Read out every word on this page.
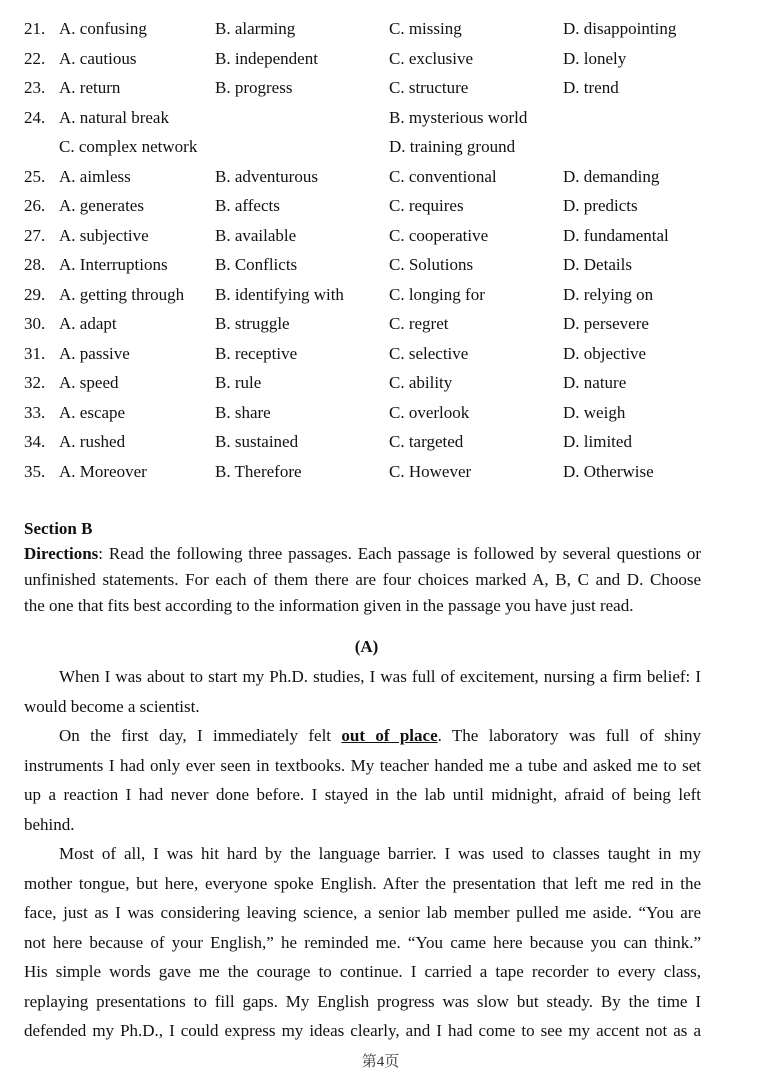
21. A. confusing	B. alarming	C. missing	D. disappointing
22. A. cautious	B. independent	C. exclusive	D. lonely
23. A. return	B. progress	C. structure	D. trend
24. A. natural break	B. mysterious world
C. complex network	D. training ground
25. A. aimless	B. adventurous	C. conventional	D. demanding
26. A. generates	B. affects	C. requires	D. predicts
27. A. subjective	B. available	C. cooperative	D. fundamental
28. A. Interruptions	B. Conflicts	C. Solutions	D. Details
29. A. getting through B. identifying with	C. longing for	D. relying on
30. A. adapt	B. struggle	C. regret	D. persevere
31. A. passive	B. receptive	C. selective	D. objective
32. A. speed	B. rule	C. ability	D. nature
33. A. escape	B. share	C. overlook	D. weigh
34. A. rushed	B. sustained	C. targeted	D. limited
35. A. Moreover	B. Therefore	C. However	D. Otherwise
Section B
Directions: Read the following three passages. Each passage is followed by several questions or
unfinished statements. For each of them there are four choices marked A, B, C and D. Choose
the one that fits best according to the information given in the passage you have just read.
(A)
When I was about to start my Ph.D. studies, I was full of excitement, nursing a firm belief: I
would become a scientist.
On the first day, I immediately felt out of place. The laboratory was full of shiny
instruments I had only ever seen in textbooks. My teacher handed me a tube and asked me to set
up a reaction I had never done before. I stayed in the lab until midnight, afraid of being left
behind.
Most of all, I was hit hard by the language barrier. I was used to classes taught in my
mother tongue, but here, everyone spoke English. After the presentation that left me red in the
face, just as I was considering leaving science, a senior lab member pulled me aside. “You are
not here because of your English,” he reminded me. “You came here because you can think.”
His simple words gave me the courage to continue. I carried a tape recorder to every class,
replaying presentations to fill gaps. My English progress was slow but steady. By the time I
defended my Ph.D., I could express my ideas clearly, and I had come to see my accent not as a
第4页
